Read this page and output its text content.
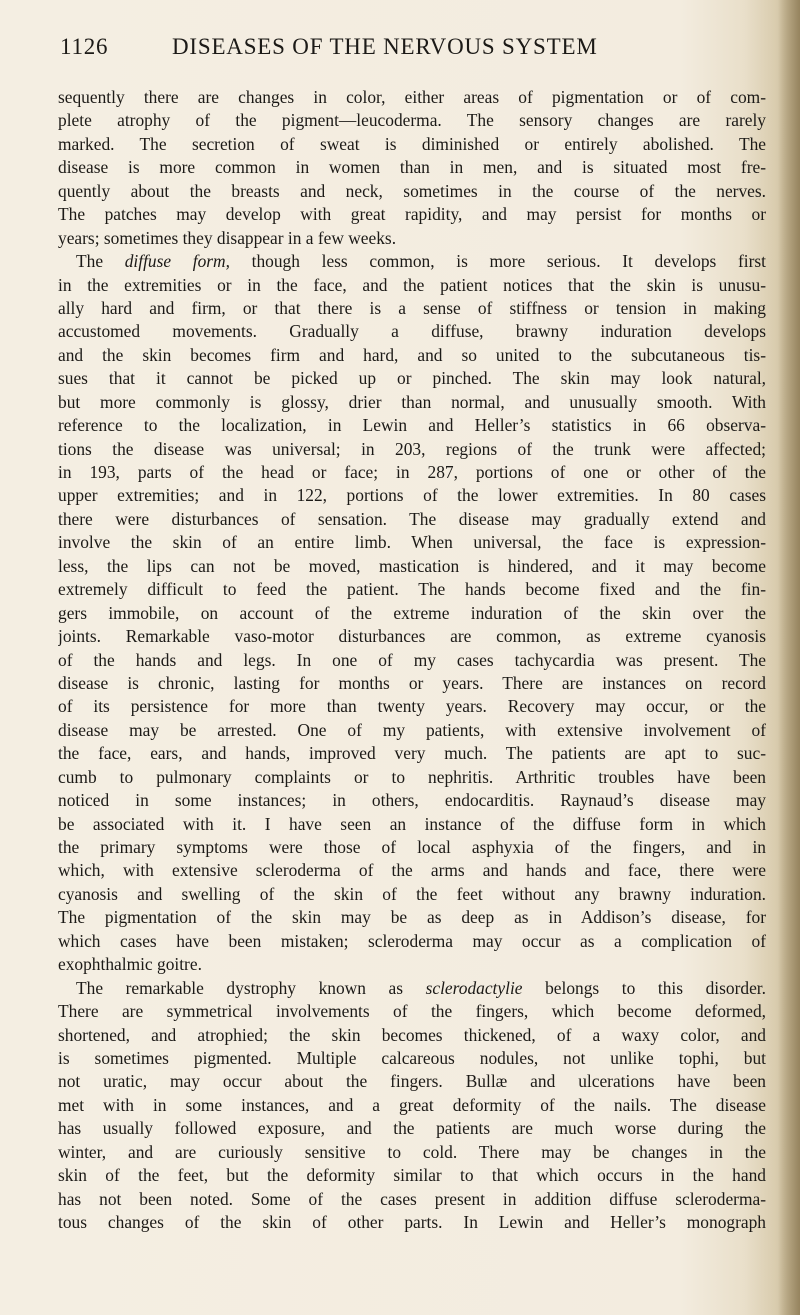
1126	DISEASES OF THE NERVOUS SYSTEM
sequently there are changes in color, either areas of pigmentation or of com-
plete atrophy of the pigment—leucoderma. The sensory changes are rarely
marked. The secretion of sweat is diminished or entirely abolished. The
disease is more common in women than in men, and is situated most fre-
quently about the breasts and neck, sometimes in the course of the nerves.
The patches may develop with great rapidity, and may persist for months or
years; sometimes they disappear in a few weeks.
The diffuse form, though less common, is more serious. It develops first
in the extremities or in the face, and the patient notices that the skin is unusu-
ally hard and firm, or that there is a sense of stiffness or tension in making
accustomed movements. Gradually a diffuse, brawny induration develops
and the skin becomes firm and hard, and so united to the subcutaneous tis-
sues that it cannot be picked up or pinched. The skin may look natural,
but more commonly is glossy, drier than normal, and unusually smooth. With
reference to the localization, in Lewin and Heller’s statistics in 66 observa-
tions the disease was universal; in 203, regions of the trunk were affected;
in 193, parts of the head or face; in 287, portions of one or other of the
upper extremities; and in 122, portions of the lower extremities. In 80 cases
there were disturbances of sensation. The disease may gradually extend and
involve the skin of an entire limb. When universal, the face is expression-
less, the lips can not be moved, mastication is hindered, and it may become
extremely difficult to feed the patient. The hands become fixed and the fin-
gers immobile, on account of the extreme induration of the skin over the
joints. Remarkable vaso-motor disturbances are common, as extreme cyanosis
of the hands and legs. In one of my cases tachycardia was present. The
disease is chronic, lasting for months or years. There are instances on record
of its persistence for more than twenty years. Recovery may occur, or the
disease may be arrested. One of my patients, with extensive involvement of
the face, ears, and hands, improved very much. The patients are apt to suc-
cumb to pulmonary complaints or to nephritis. Arthritic troubles have been
noticed in some instances; in others, endocarditis. Raynaud’s disease may
be associated with it. I have seen an instance of the diffuse form in which
the primary symptoms were those of local asphyxia of the fingers, and in
which, with extensive scleroderma of the arms and hands and face, there were
cyanosis and swelling of the skin of the feet without any brawny induration.
The pigmentation of the skin may be as deep as in Addison’s disease, for
which cases have been mistaken; scleroderma may occur as a complication of
exophthalmic goitre.
The remarkable dystrophy known as sclerodactylie belongs to this disorder.
There are symmetrical involvements of the fingers, which become deformed,
shortened, and atrophied; the skin becomes thickened, of a waxy color, and
is sometimes pigmented. Multiple calcareous nodules, not unlike tophi, but
not uratic, may occur about the fingers. Bullæ and ulcerations have been
met with in some instances, and a great deformity of the nails. The disease
has usually followed exposure, and the patients are much worse during the
winter, and are curiously sensitive to cold. There may be changes in the
skin of the feet, but the deformity similar to that which occurs in the hand
has not been noted. Some of the cases present in addition diffuse scleroderma-
tous changes of the skin of other parts. In Lewin and Heller’s monograph
